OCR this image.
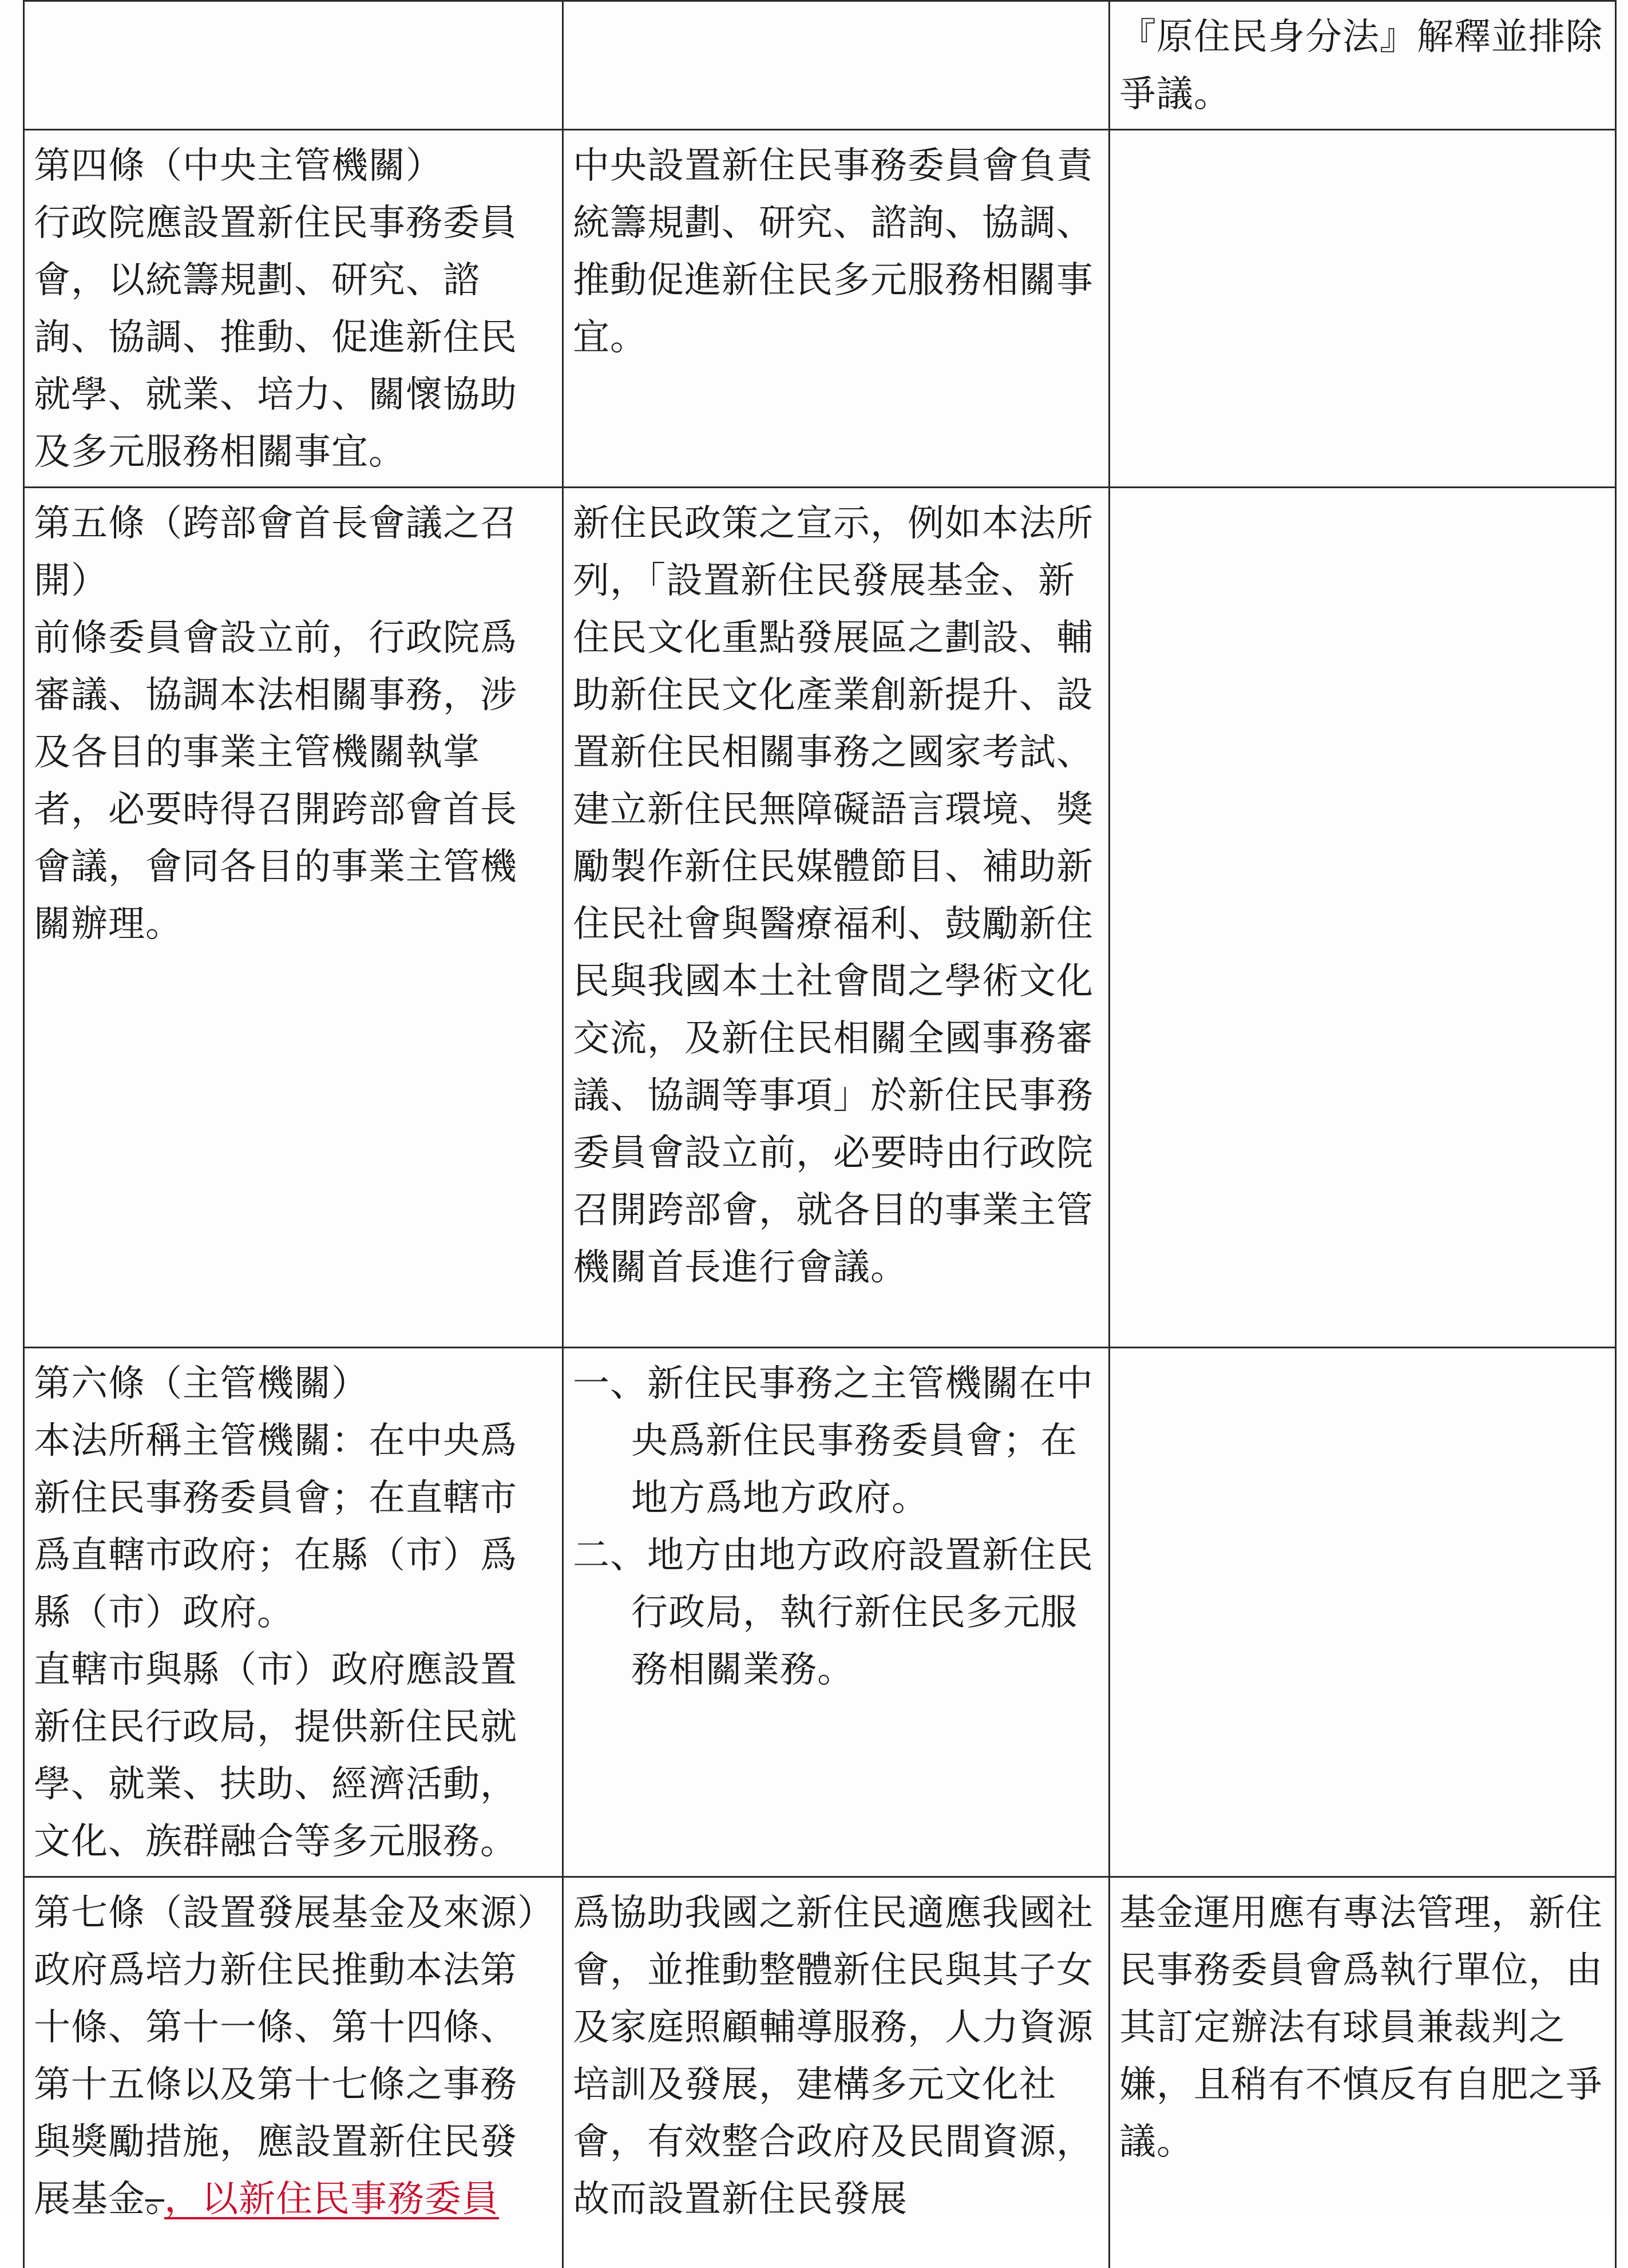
		『原住民身分法』解釋並排除爭議。

第四條（中央主管機關）
行政院應設置新住民事務委員會，以統籌規劃、研究、諮詢、協調、推動、促進新住民就學、就業、培力、關懷協助及多元服務相關事宜。	中央設置新住民事務委員會負責統籌規劃、研究、諮詢、協調、推動促進新住民多元服務相關事宜。	

第五條（跨部會首長會議之召開）
前條委員會設立前，行政院爲審議、協調本法相關事務，涉及各目的事業主管機關執掌者，必要時得召開跨部會首長會議，會同各目的事業主管機關辦理。	新住民政策之宣示，例如本法所列，「設置新住民發展基金、新住民文化重點發展區之劃設、輔助新住民文化產業創新提升、設置新住民相關事務之國家考試、建立新住民無障礙語言環境、獎勵製作新住民媒體節目、補助新住民社會與醫療福利、鼓勵新住民與我國本土社會間之學術文化交流，及新住民相關全國事務審議、協調等事項」於新住民事務委員會設立前，必要時由行政院召開跨部會，就各目的事業主管機關首長進行會議。	

第六條（主管機關）
本法所稱主管機關：在中央爲新住民事務委員會；在直轄市爲直轄市政府；在縣（市）爲縣（市）政府。
直轄市與縣（市）政府應設置新住民行政局，提供新住民就學、就業、扶助、經濟活動，文化、族群融合等多元服務。	一、新住民事務之主管機關在中央爲新住民事務委員會；在地方爲地方政府。
二、地方由地方政府設置新住民行政局，執行新住民多元服務相關業務。	

第七條（設置發展基金及來源）
政府爲培力新住民推動本法第十條、第十一條、第十四條、第十五條以及第十七條之事務與獎勵措施，應設置新住民發展基金。，以新住民事務委員	爲協助我國之新住民適應我國社會，並推動整體新住民與其子女及家庭照顧輔導服務，人力資源培訓及發展，建構多元文化社會，有效整合政府及民間資源，故而設置新住民發展	基金運用應有專法管理，新住民事務委員會爲執行單位，由其訂定辦法有球員兼裁判之嫌，且稍有不慎反有自肥之爭議。
